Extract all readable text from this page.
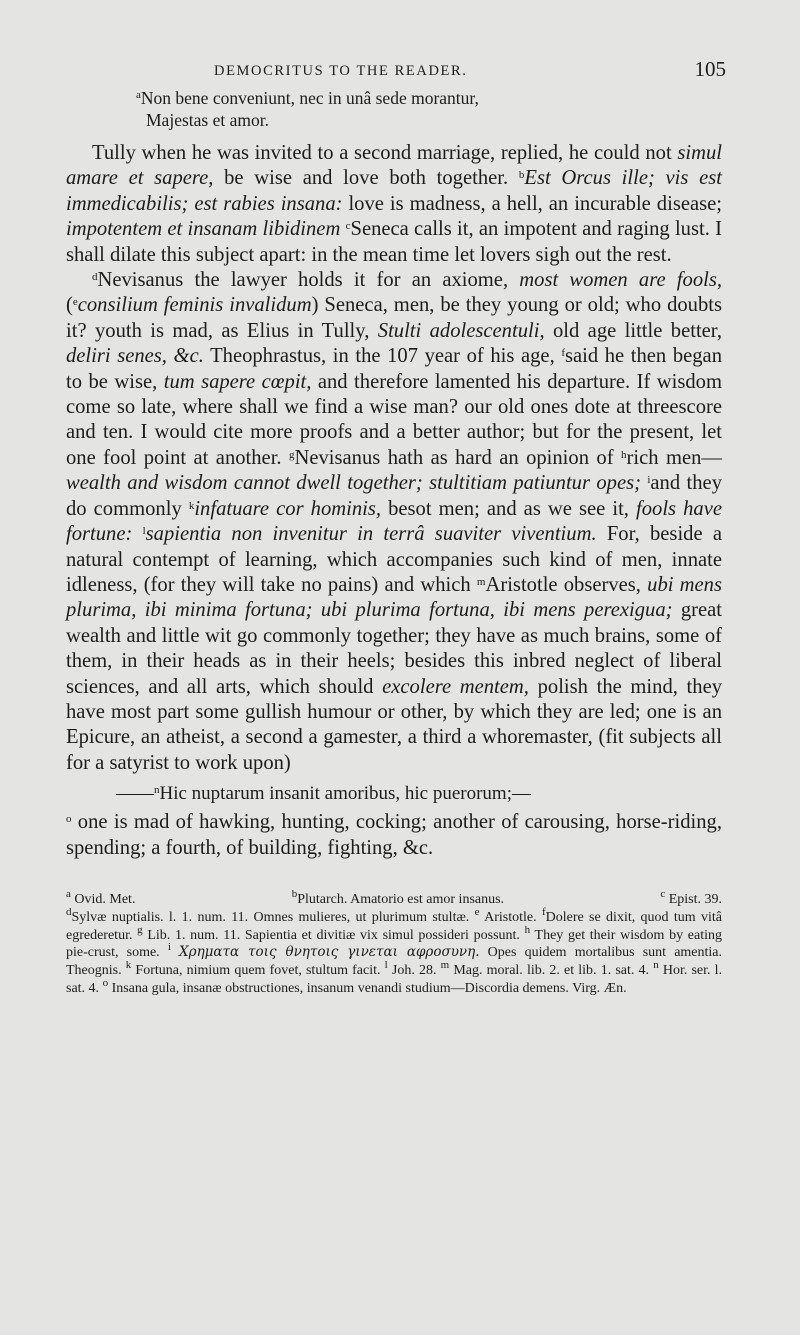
DEMOCRITUS TO THE READER.	105
$^a$Non bene conveniunt, nec in unâ sede morantur,
Majestas et amor.

Tully when he was invited to a second marriage, replied, he could not simul amare et sapere, be wise and love both together. $^b$Est Orcus ille; vis est immedicabilis; est rabies insana: love is madness, a hell, an incurable disease; impotentem et insanam libidinem $^c$Seneca calls it, an impotent and raging lust. I shall dilate this subject apart: in the mean time let lovers sigh out the rest.

$^d$Nevisanus the lawyer holds it for an axiome, most women are fools, ($^e$consilium feminis invalidum) Seneca, men, be they young or old; who doubts it? youth is mad, as Elius in Tully, Stulti adolescentuli, old age little better, deliri senes, &c. Theophrastus, in the 107 year of his age, $^f$said he then began to be wise, tum sapere cœpit, and therefore lamented his departure. If wisdom come so late, where shall we find a wise man? our old ones dote at threescore and ten. I would cite more proofs and a better author; but for the present, let one fool point at another. $^g$Nevisanus hath as hard an opinion of $^h$rich men—wealth and wisdom cannot dwell together; stultitiam patiuntur opes; $^i$and they do commonly $^k$infatuare cor hominis, besot men; and as we see it, fools have fortune: $^l$sapientia non invenitur in terrâ suaviter viventium. For, beside a natural contempt of learning, which accompanies such kind of men, innate idleness, (for they will take no pains) and which $^m$Aristotle observes, ubi mens plurima, ibi minima fortuna; ubi plurima fortuna, ibi mens perexigua; great wealth and little wit go commonly together; they have as much brains, some of them, in their heads as in their heels; besides this inbred neglect of liberal sciences, and all arts, which should excolere mentem, polish the mind, they have most part some gullish humour or other, by which they are led; one is an Epicure, an atheist, a second a gamester, a third a whoremaster, (fit subjects all for a satyrist to work upon)

——$^n$Hic nuptarum insanit amoribus, hic puerorum;—

$^o$ one is mad of hawking, hunting, cocking; another of carousing, horse-riding, spending; a fourth, of building, fighting, &c.

$^a$ Ovid. Met.	$^b$Plutarch. Amatorio est amor insanus.	$^c$ Epist. 39.
$^d$Sylvæ nuptialis. l. 1. num. 11. Omnes mulieres, ut plurimum stultæ. $^e$ Aristotle. $^f$Dolere se dixit, quod tum vitâ egrederetur. $^g$ Lib. 1. num. 11. Sapientia et divitiæ vix simul possideri possunt. $^h$ They get their wisdom by eating pie-crust, some. $^i$ Χρηματα τοις θνητοις γινεται αφροσυνη. Opes quidem mortalibus sunt amentia. Theognis. $^k$ Fortuna, nimium quem fovet, stultum facit. $^l$ Joh. 28. $^m$ Mag. moral. lib. 2. et lib. 1. sat. 4. $^n$ Hor. ser. l. sat. 4. $^o$ Insana gula, insanæ obstructiones, insanum venandi studium—Discordia demens. Virg. Æn.
